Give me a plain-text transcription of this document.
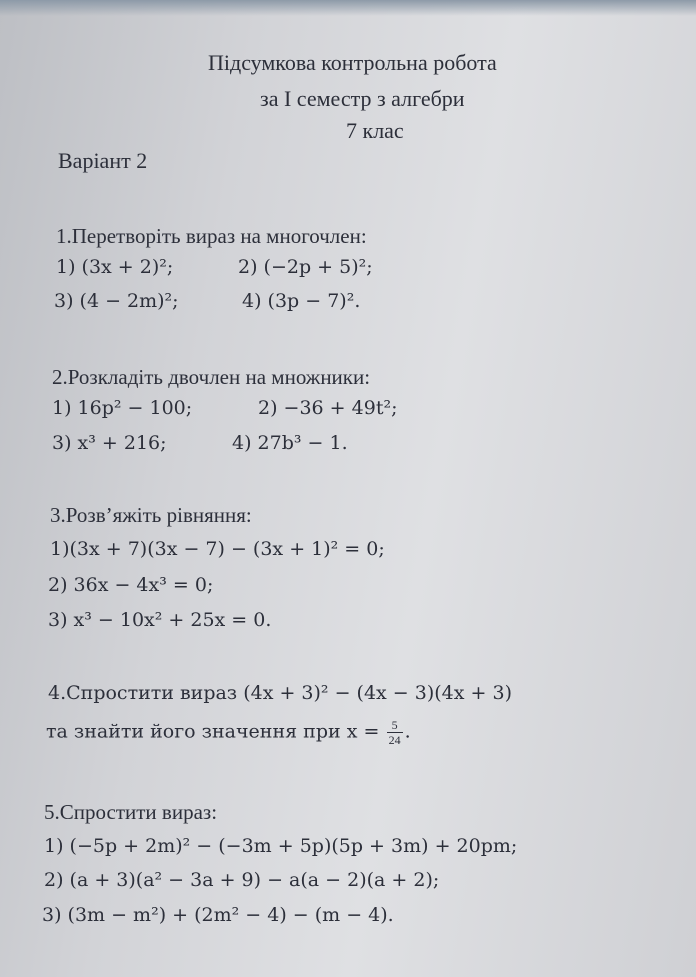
Підсумкова контрольна робота
за I семестр з алгебри
7 клас
Варіант 2
1.Перетворіть вираз на многочлен:
1) (3x + 2)²;	2) (−2p + 5)²;
3) (4 − 2m)²;	4) (3p − 7)².
2.Розкладіть двочлен на множники:
1) 16p² − 100;	2) −36 + 49t²;
3) x³ + 216;	4) 27b³ − 1.
3.Розв’яжіть рівняння:
1)(3x + 7)(3x − 7) − (3x + 1)² = 0;
2) 36x − 4x³ = 0;
3) x³ − 10x² + 25x = 0.
4.Спростити вираз (4x + 3)² − (4x − 3)(4x + 3)
та знайти його значення при $x = \frac{5}{24}$ .
5.Спростити вираз:
1) (−5p + 2m)² − (−3m + 5p)(5p + 3m) + 20pm;
2) (a + 3)(a² − 3a + 9) − a(a − 2)(a + 2);
3) (3m − m²) + (2m² − 4) − (m − 4).
